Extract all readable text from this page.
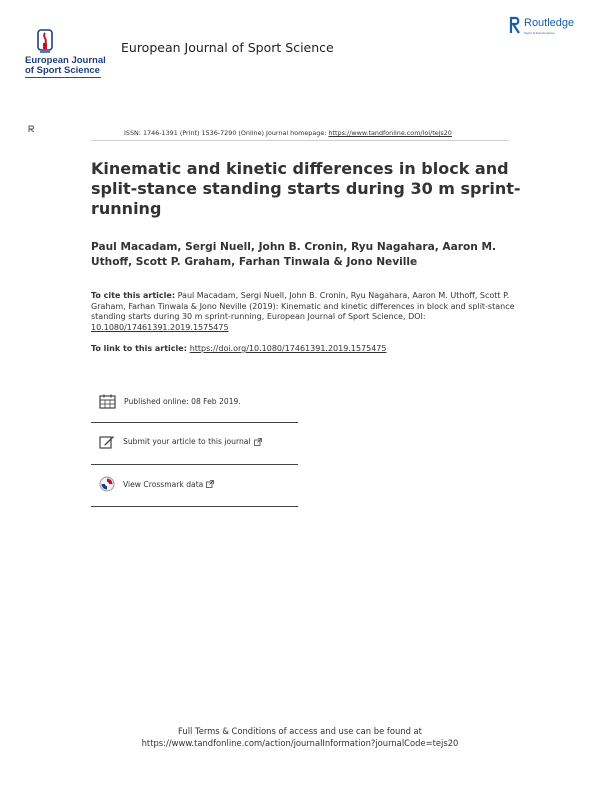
European Journal
of Sport Science
European Journal of Sport Science
Routledge
Taylor & Francis Group
ISSN: 1746-1391 (Print) 1536-7290 (Online) Journal homepage: https://www.tandfonline.com/loi/tejs20
Kinematic and kinetic differences in block and split-stance standing starts during 30 m sprint-running
Paul Macadam, Sergi Nuell, John B. Cronin, Ryu Nagahara, Aaron M. Uthoff, Scott P. Graham, Farhan Tinwala & Jono Neville
To cite this article: Paul Macadam, Sergi Nuell, John B. Cronin, Ryu Nagahara, Aaron M. Uthoff, Scott P. Graham, Farhan Tinwala & Jono Neville (2019): Kinematic and kinetic differences in block and split-stance standing starts during 30 m sprint-running, European Journal of Sport Science, DOI: 10.1080/17461391.2019.1575475
To link to this article: https://doi.org/10.1080/17461391.2019.1575475
Published online: 08 Feb 2019.
Submit your article to this journal
View Crossmark data
Full Terms & Conditions of access and use can be found at
https://www.tandfonline.com/action/journalInformation?journalCode=tejs20
